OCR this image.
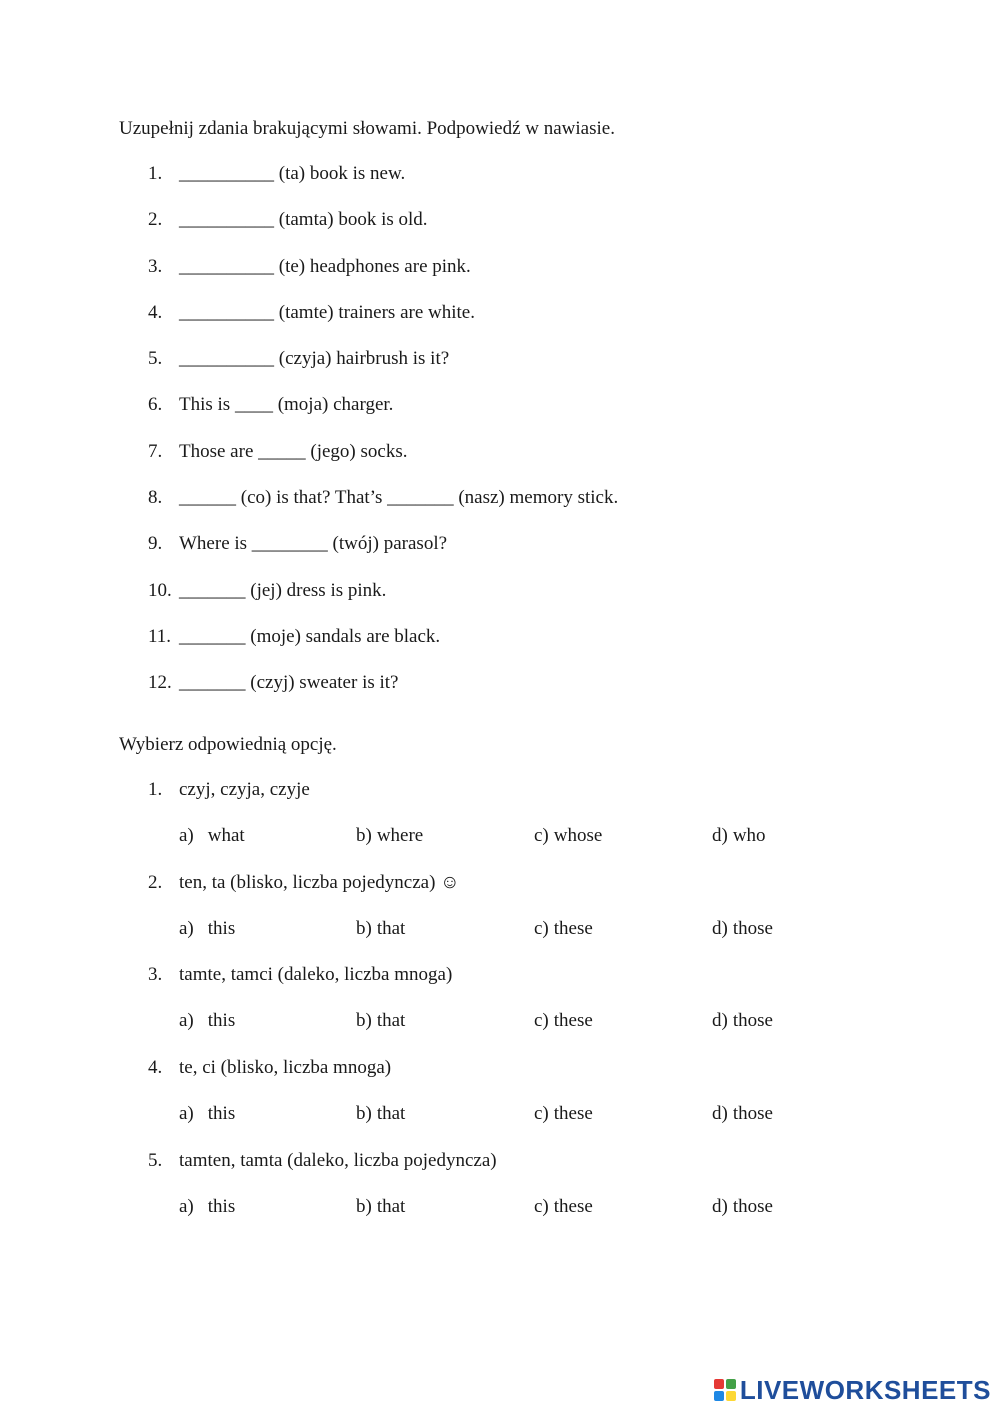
Uzupełnij zdania brakującymi słowami. Podpowiedź w nawiasie.
1. __________ (ta) book is new.
2. __________ (tamta) book is old.
3. __________ (te) headphones are pink.
4. __________ (tamte) trainers are white.
5. __________ (czyja) hairbrush is it?
6. This is ____ (moja) charger.
7. Those are _____ (jego) socks.
8. ______ (co) is that? That’s _______ (nasz) memory stick.
9. Where is ________ (twój) parasol?
10. _______ (jej) dress is pink.
11. _______ (moje) sandals are black.
12. _______ (czyj) sweater is it?
Wybierz odpowiednią opcję.
1. czyj, czyja, czyje
a) what	b) where	c) whose	d) who
2. ten, ta (blisko, liczba pojedyncza) ☺
a) this	b) that	c) these	d) those
3. tamte, tamci (daleko, liczba mnoga)
a) this	b) that	c) these	d) those
4. te, ci (blisko, liczba mnoga)
a) this	b) that	c) these	d) those
5. tamten, tamta (daleko, liczba pojedyncza)
a) this	b) that	c) these	d) those
LIVEWORKSHEETS
